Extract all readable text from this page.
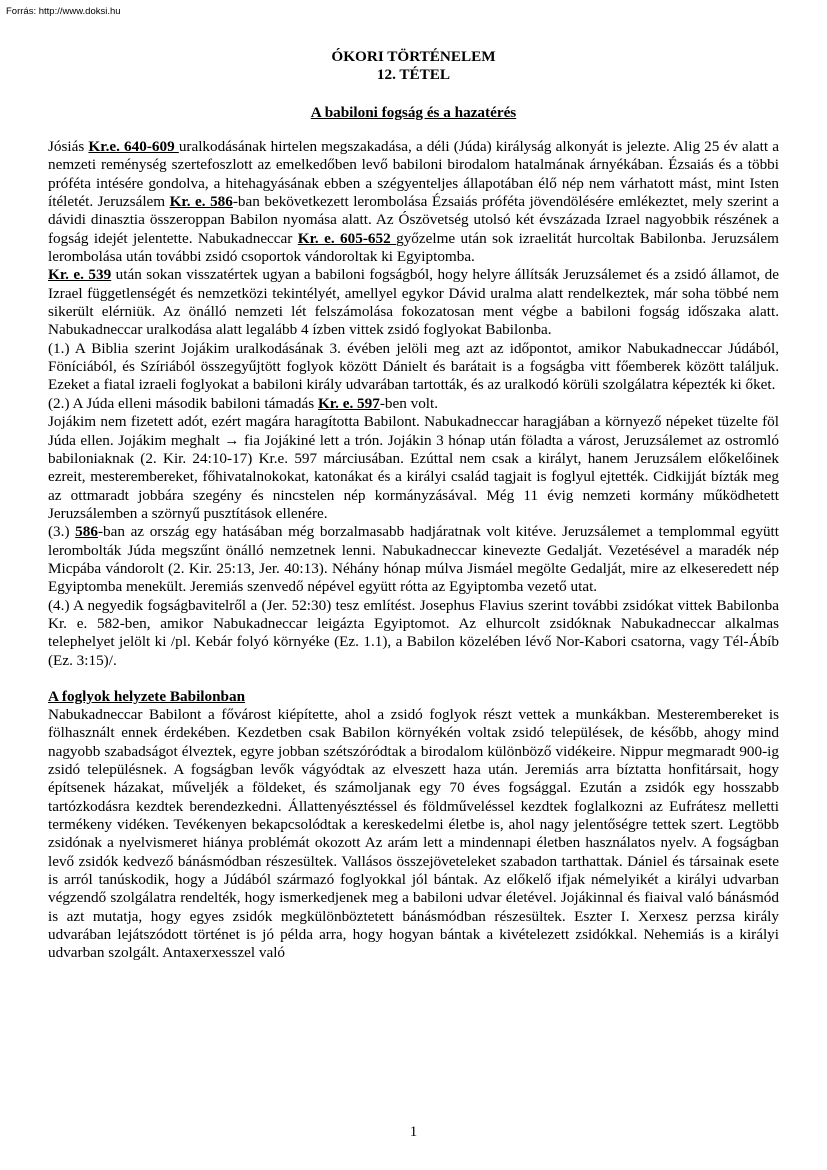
Forrás: http://www.doksi.hu
ÓKORI TÖRTÉNELEM
12. TÉTEL
A babiloni fogság és a hazatérés

Jósiás Kr.e. 640-609 uralkodásának hirtelen megszakadása, a déli (Júda) királyság alkonyát is jelezte. Alig 25 év alatt a nemzeti reménység szertefoszlott az emelkedőben levő babiloni birodalom hatalmának árnyékában. Ézsaiás és a többi próféta intésére gondolva, a hitehagyásának ebben a szégyenteljes állapotában élő nép nem várhatott mást, mint Isten ítéletét. Jeruzsálem Kr. e. 586-ban bekövetkezett lerombolása Ézsaiás próféta jövendölésére emlékeztet, mely szerint a dávidi dinasztia összeroppan Babilon nyomása alatt. Az Ószövetség utolsó két évszázada Izrael nagyobbik részének a fogság idejét jelentette. Nabukadneccar Kr. e. 605-652 győzelme után sok izraelitát hurcoltak Babilonba. Jeruzsálem lerombolása után további zsidó csoportok vándoroltak ki Egyiptomba.

Kr. e. 539 után sokan visszatértek ugyan a babiloni fogságból, hogy helyre állítsák Jeruzsálemet és a zsidó államot, de Izrael függetlenségét és nemzetközi tekintélyét, amellyel egykor Dávid uralma alatt rendelkeztek, már soha többé nem sikerült elérniük. Az önálló nemzeti lét felszámolása fokozatosan ment végbe a babiloni fogság időszaka alatt. Nabukadneccar uralkodása alatt legalább 4 ízben vittek zsidó foglyokat Babilonba.

(1.) A Biblia szerint Jojákim uralkodásának 3. évében jelöli meg azt az időpontot, amikor Nabukadneccar Júdából, Föníciából, és Szíriából összegyűjtött foglyok között Dánielt és barátait is a fogságba vitt főemberek között találjuk. Ezeket a fiatal izraeli foglyokat a babiloni király udvarában tartották, és az uralkodó körüli szolgálatra képezték ki őket.

(2.) A Júda elleni második babiloni támadás Kr. e. 597-ben volt.

Jojákim nem fizetett adót, ezért magára haragította Babilont. Nabukadneccar haragjában a környező népeket tüzelte föl Júda ellen. Jojákim meghalt → fia Jojákiné lett a trón. Jojákin 3 hónap után föladta a várost, Jeruzsálemet az ostromló babiloniaknak (2. Kir. 24:10-17) Kr.e. 597 márciusában. Ezúttal nem csak a királyt, hanem Jeruzsálem előkelőinek ezreit, mesterembereket, főhivatalnokokat, katonákat és a királyi család tagjait is foglyul ejtették. Cidkijját bízták meg az ottmaradt jobbára szegény és nincstelen nép kormányzásával. Még 11 évig nemzeti kormány működhetett Jeruzsálemben a szörnyű pusztítások ellenére.

(3.) 586-ban az ország egy hatásában még borzalmasabb hadjáratnak volt kitéve. Jeruzsálemet a templommal együtt lerombolták Júda megszűnt önálló nemzetnek lenni. Nabukadneccar kinevezte Gedalját. Vezetésével a maradék nép Micpába vándorolt (2. Kir. 25:13, Jer. 40:13). Néhány hónap múlva Jismáel megölte Gedalját, mire az elkeseredett nép Egyiptomba menekült. Jeremiás szenvedő népével együtt rótta az Egyiptomba vezető utat.

(4.) A negyedik fogságbavitelről a (Jer. 52:30) tesz említést. Josephus Flavius szerint további zsidókat vittek Babilonba Kr. e. 582-ben, amikor Nabukadneccar leigázta Egyiptomot. Az elhurcolt zsidóknak Nabukadneccar alkalmas telephelyet jelölt ki /pl. Kebár folyó környéke (Ez. 1.1), a Babilon közelében lévő Nor-Kabori csatorna, vagy Tél-Ábíb (Ez. 3:15)/.

A foglyok helyzete Babilonban

Nabukadneccar Babilont a fővárost kiépítette, ahol a zsidó foglyok részt vettek a munkákban. Mesterembereket is fölhasznált ennek érdekében. Kezdetben csak Babilon környékén voltak zsidó települések, de később, ahogy mind nagyobb szabadságot élveztek, egyre jobban szétszóródtak a birodalom különböző vidékeire. Nippur megmaradt 900-ig zsidó településnek. A fogságban levők vágyódtak az elveszett haza után. Jeremiás arra bíztatta honfitársait, hogy építsenek házakat, műveljék a földeket, és számoljanak egy 70 éves fogsággal. Ezután a zsidók egy hosszabb tartózkodásra kezdtek berendezkedni. Állattenyésztéssel és földműveléssel kezdtek foglalkozni az Eufrátesz melletti termékeny vidéken. Tevékenyen bekapcsolódtak a kereskedelmi életbe is, ahol nagy jelentőségre tettek szert. Legtöbb zsidónak a nyelvismeret hiánya problémát okozott Az arám lett a mindennapi életben használatos nyelv. A fogságban levő zsidók kedvező bánásmódban részesültek. Vallásos összejöveteleket szabadon tarthattak. Dániel és társainak esete is arról tanúskodik, hogy a Júdából származó foglyokkal jól bántak. Az előkelő ifjak némelyikét a királyi udvarban végzendő szolgálatra rendelték, hogy ismerkedjenek meg a babiloni udvar életével. Jojákinnal és fiaival való bánásmód is azt mutatja, hogy egyes zsidók megkülönböztetett bánásmódban részesültek. Eszter I. Xerxesz perzsa király udvarában lejátszódott történet is jó példa arra, hogy hogyan bántak a kivételezett zsidókkal. Nehemiás is a királyi udvarban szolgált. Antaxerxesszel való

1
